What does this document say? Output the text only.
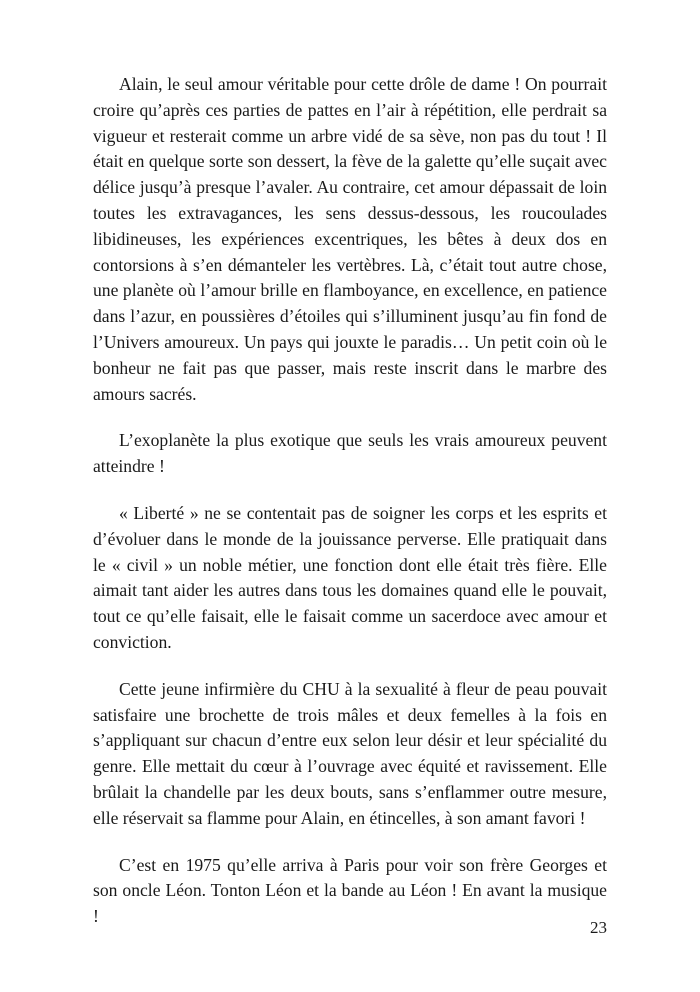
Alain, le seul amour véritable pour cette drôle de dame ! On pourrait croire qu’après ces parties de pattes en l’air à répétition, elle perdrait sa vigueur et resterait comme un arbre vidé de sa sève, non pas du tout ! Il était en quelque sorte son dessert, la fève de la galette qu’elle suçait avec délice jusqu’à presque l’avaler. Au contraire, cet amour dépassait de loin toutes les extravagances, les sens dessus-dessous, les roucoulades libidineuses, les expériences excentriques, les bêtes à deux dos en contorsions à s’en démanteler les vertèbres. Là, c’était tout autre chose, une planète où l’amour brille en flamboyance, en excellence, en patience dans l’azur, en poussières d’étoiles qui s’illuminent jusqu’au fin fond de l’Univers amoureux. Un pays qui jouxte le paradis… Un petit coin où le bonheur ne fait pas que passer, mais reste inscrit dans le marbre des amours sacrés.

L’exoplanète la plus exotique que seuls les vrais amoureux peuvent atteindre !

« Liberté » ne se contentait pas de soigner les corps et les esprits et d’évoluer dans le monde de la jouissance perverse. Elle pratiquait dans le « civil » un noble métier, une fonction dont elle était très fière. Elle aimait tant aider les autres dans tous les domaines quand elle le pouvait, tout ce qu’elle faisait, elle le faisait comme un sacerdoce avec amour et conviction.

Cette jeune infirmière du CHU à la sexualité à fleur de peau pouvait satisfaire une brochette de trois mâles et deux femelles à la fois en s’appliquant sur chacun d’entre eux selon leur désir et leur spécialité du genre. Elle mettait du cœur à l’ouvrage avec équité et ravissement. Elle brûlait la chandelle par les deux bouts, sans s’enflammer outre mesure, elle réservait sa flamme pour Alain, en étincelles, à son amant favori !

C’est en 1975 qu’elle arriva à Paris pour voir son frère Georges et son oncle Léon. Tonton Léon et la bande au Léon ! En avant la musique !

23
